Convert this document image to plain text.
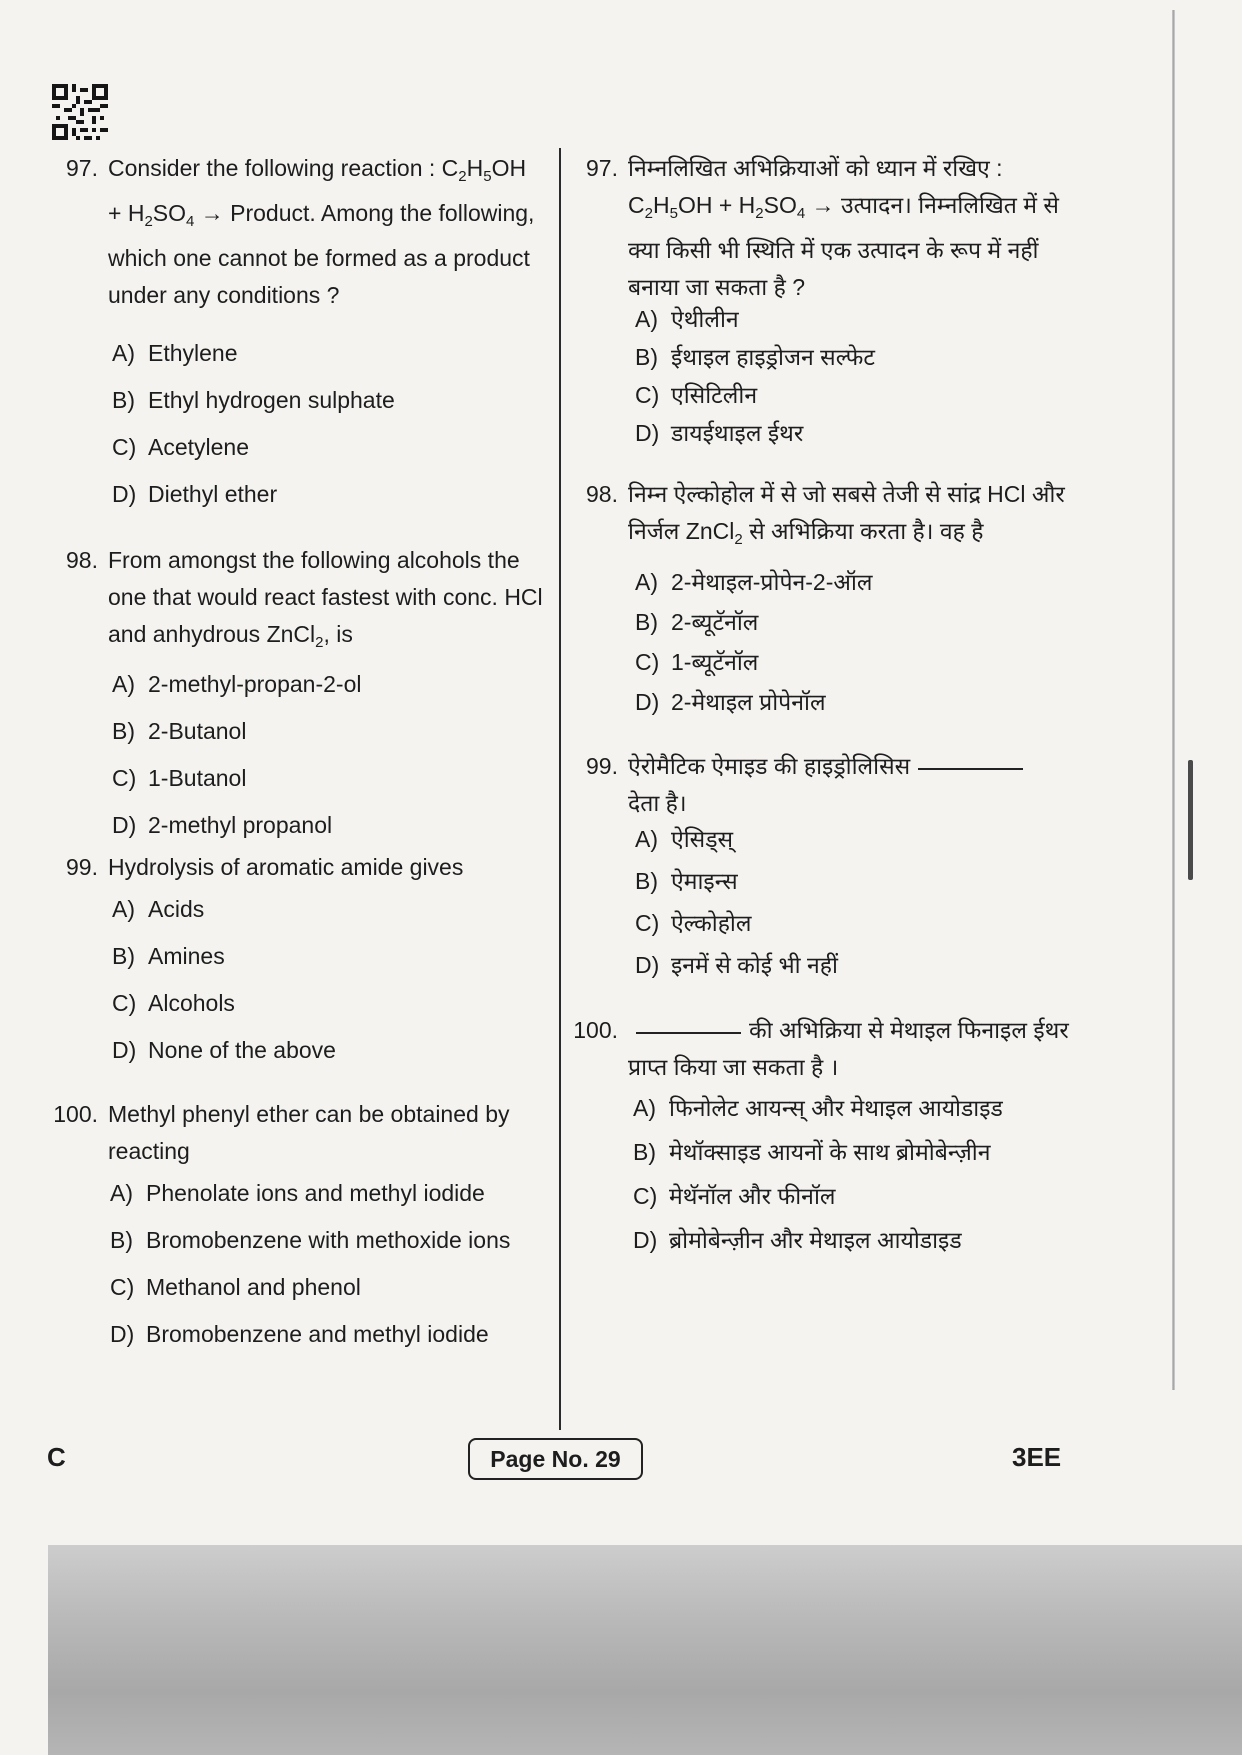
97. Consider the following reaction : $C_2H_5OH + H_2SO_4$ → Product. Among the following, which one cannot be formed as a product under any conditions ?
A) Ethylene
B) Ethyl hydrogen sulphate
C) Acetylene
D) Diethyl ether
98. From amongst the following alcohols the one that would react fastest with conc. HCl and anhydrous ZnCl$_2$, is
A) 2-methyl-propan-2-ol
B) 2-Butanol
C) 1-Butanol
D) 2-methyl propanol
99. Hydrolysis of aromatic amide gives
A) Acids
B) Amines
C) Alcohols
D) None of the above
100. Methyl phenyl ether can be obtained by reacting
A) Phenolate ions and methyl iodide
B) Bromobenzene with methoxide ions
C) Methanol and phenol
D) Bromobenzene and methyl iodide
97. निम्नलिखित अभिक्रियाओं को ध्यान में रखिए :
$C_2H_5OH + H_2SO_4$ → उत्पादन। निम्नलिखित में से क्या किसी भी स्थिति में एक उत्पादन के रूप में नहीं बनाया जा सकता है ?
A) ऐथीलीन
B) ईथाइल हाइड्रोजन सल्फेट
C) एसिटिलीन
D) डायईथाइल ईथर
98. निम्न ऐल्कोहोल में से जो सबसे तेजी से सांद्र HCl और निर्जल ZnCl$_2$ से अभिक्रिया करता है। वह है
A) 2-मेथाइल-प्रोपेन-2-ऑल
B) 2-ब्यूटॅनॉल
C) 1-ब्यूटॅनॉल
D) 2-मेथाइल प्रोपेनॉल
99. ऐरोमैटिक ऐमाइड की हाइड्रोलिसिस
देता है।
A) ऐसिड्स्
B) ऐमाइन्स
C) ऐल्कोहोल
D) इनमें से कोई भी नहीं
100.	की अभिक्रिया से मेथाइल फिनाइल ईथर प्राप्त किया जा सकता है ।
A) फिनोलेट आयन्स् और मेथाइल आयोडाइड
B) मेथॉक्साइड आयनों के साथ ब्रोमोबेन्ज़ीन
C) मेथॅनॉल और फीनॉल
D) ब्रोमोबेन्ज़ीन और मेथाइल आयोडाइड
C	Page No. 29	3EE
